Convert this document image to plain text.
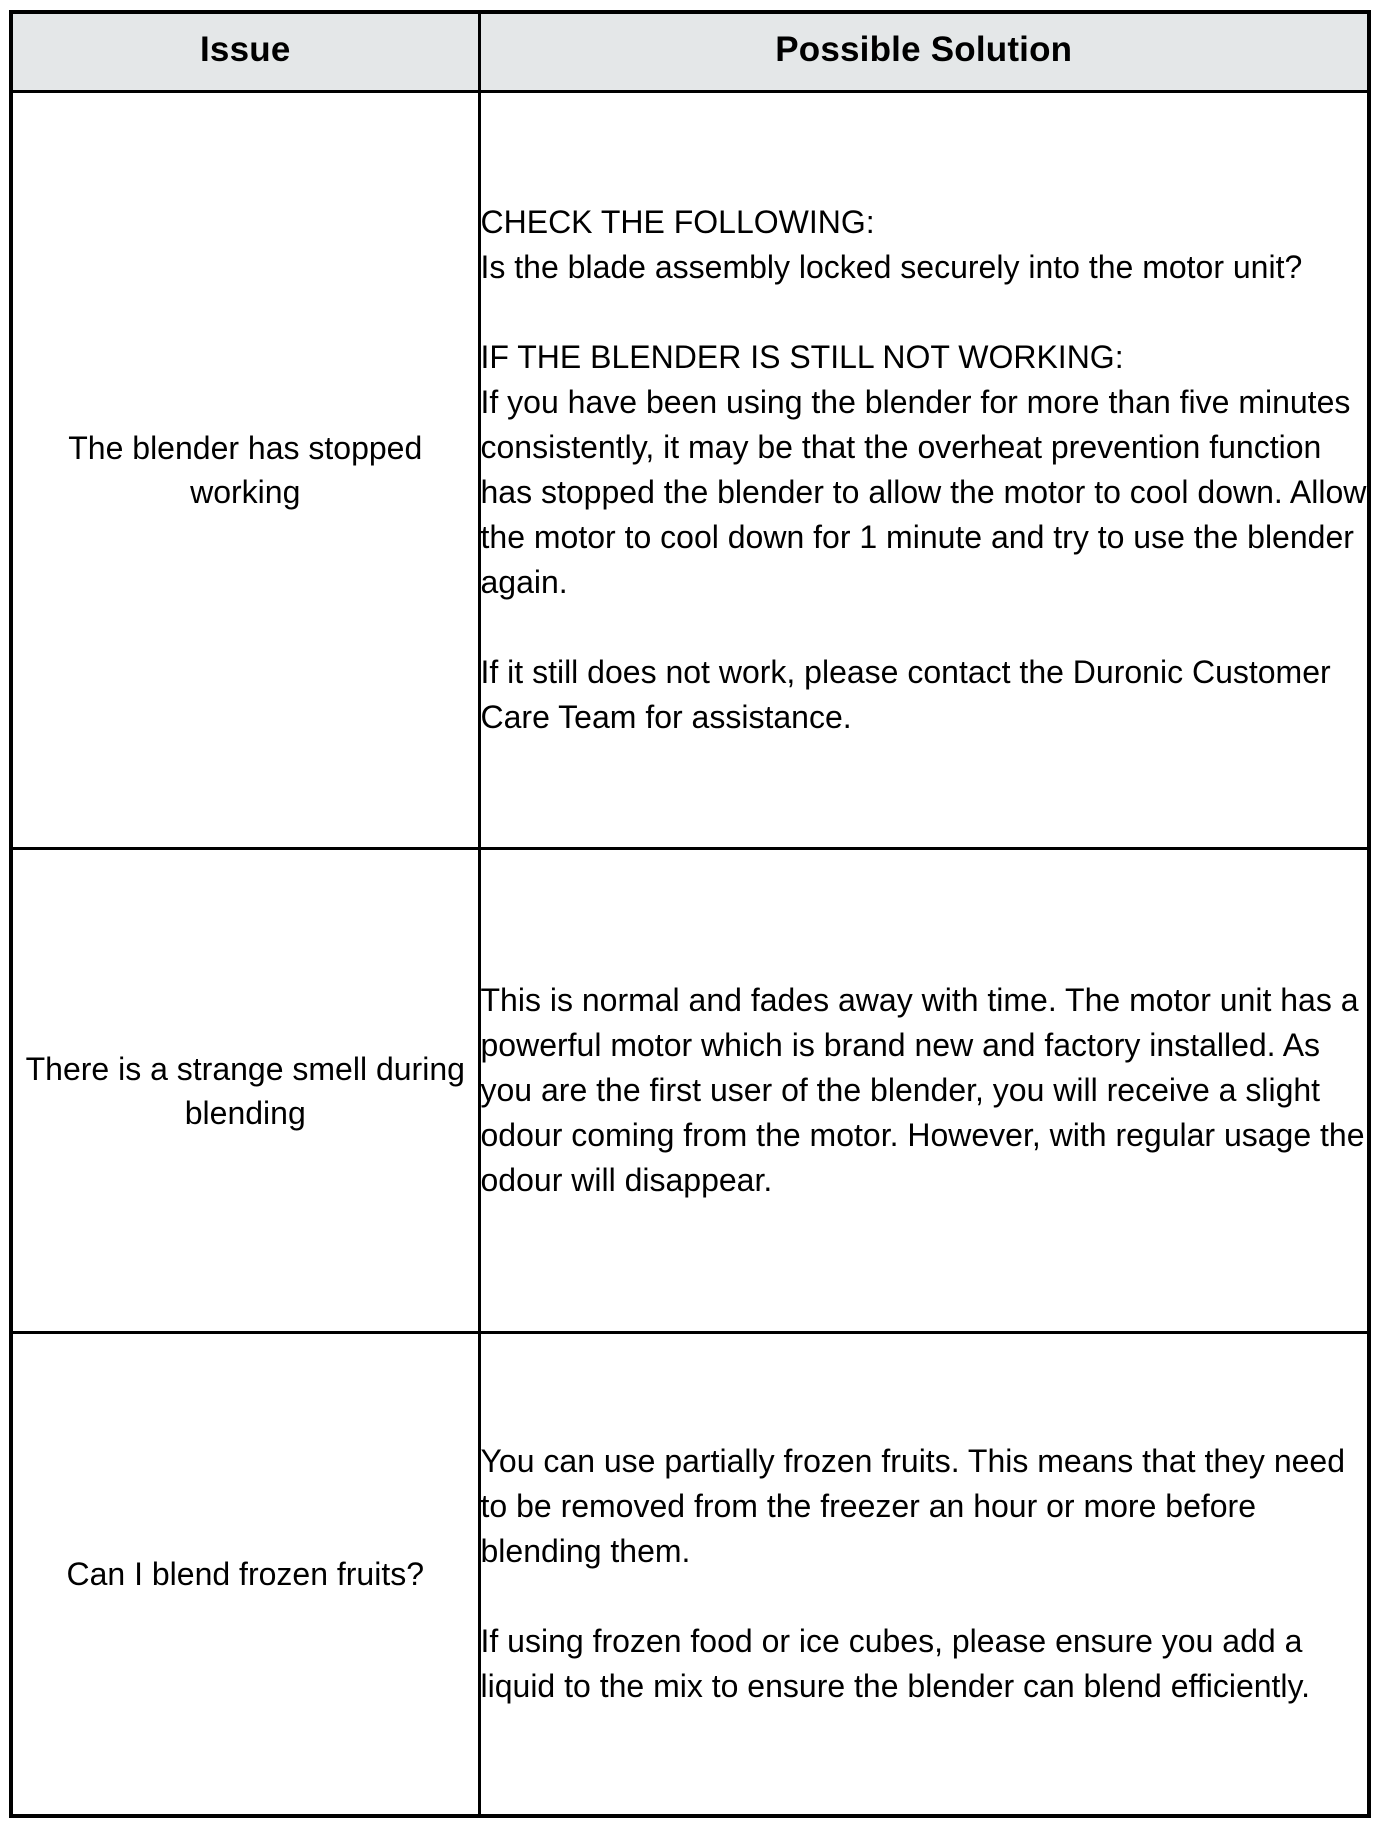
Issue	Possible Solution

The blender has stopped working	CHECK THE FOLLOWING:
Is the blade assembly locked securely into the motor unit?

IF THE BLENDER IS STILL NOT WORKING:
If you have been using the blender for more than five minutes consistently, it may be that the overheat prevention function has stopped the blender to allow the motor to cool down. Allow the motor to cool down for 1 minute and try to use the blender again.

If it still does not work, please contact the Duronic Customer Care Team for assistance.

There is a strange smell during blending	This is normal and fades away with time. The motor unit has a powerful motor which is brand new and factory installed. As you are the first user of the blender, you will receive a slight odour coming from the motor. However, with regular usage the odour will disappear.

Can I blend frozen fruits?	You can use partially frozen fruits. This means that they need to be removed from the freezer an hour or more before blending them.

If using frozen food or ice cubes, please ensure you add a liquid to the mix to ensure the blender can blend efficiently.
